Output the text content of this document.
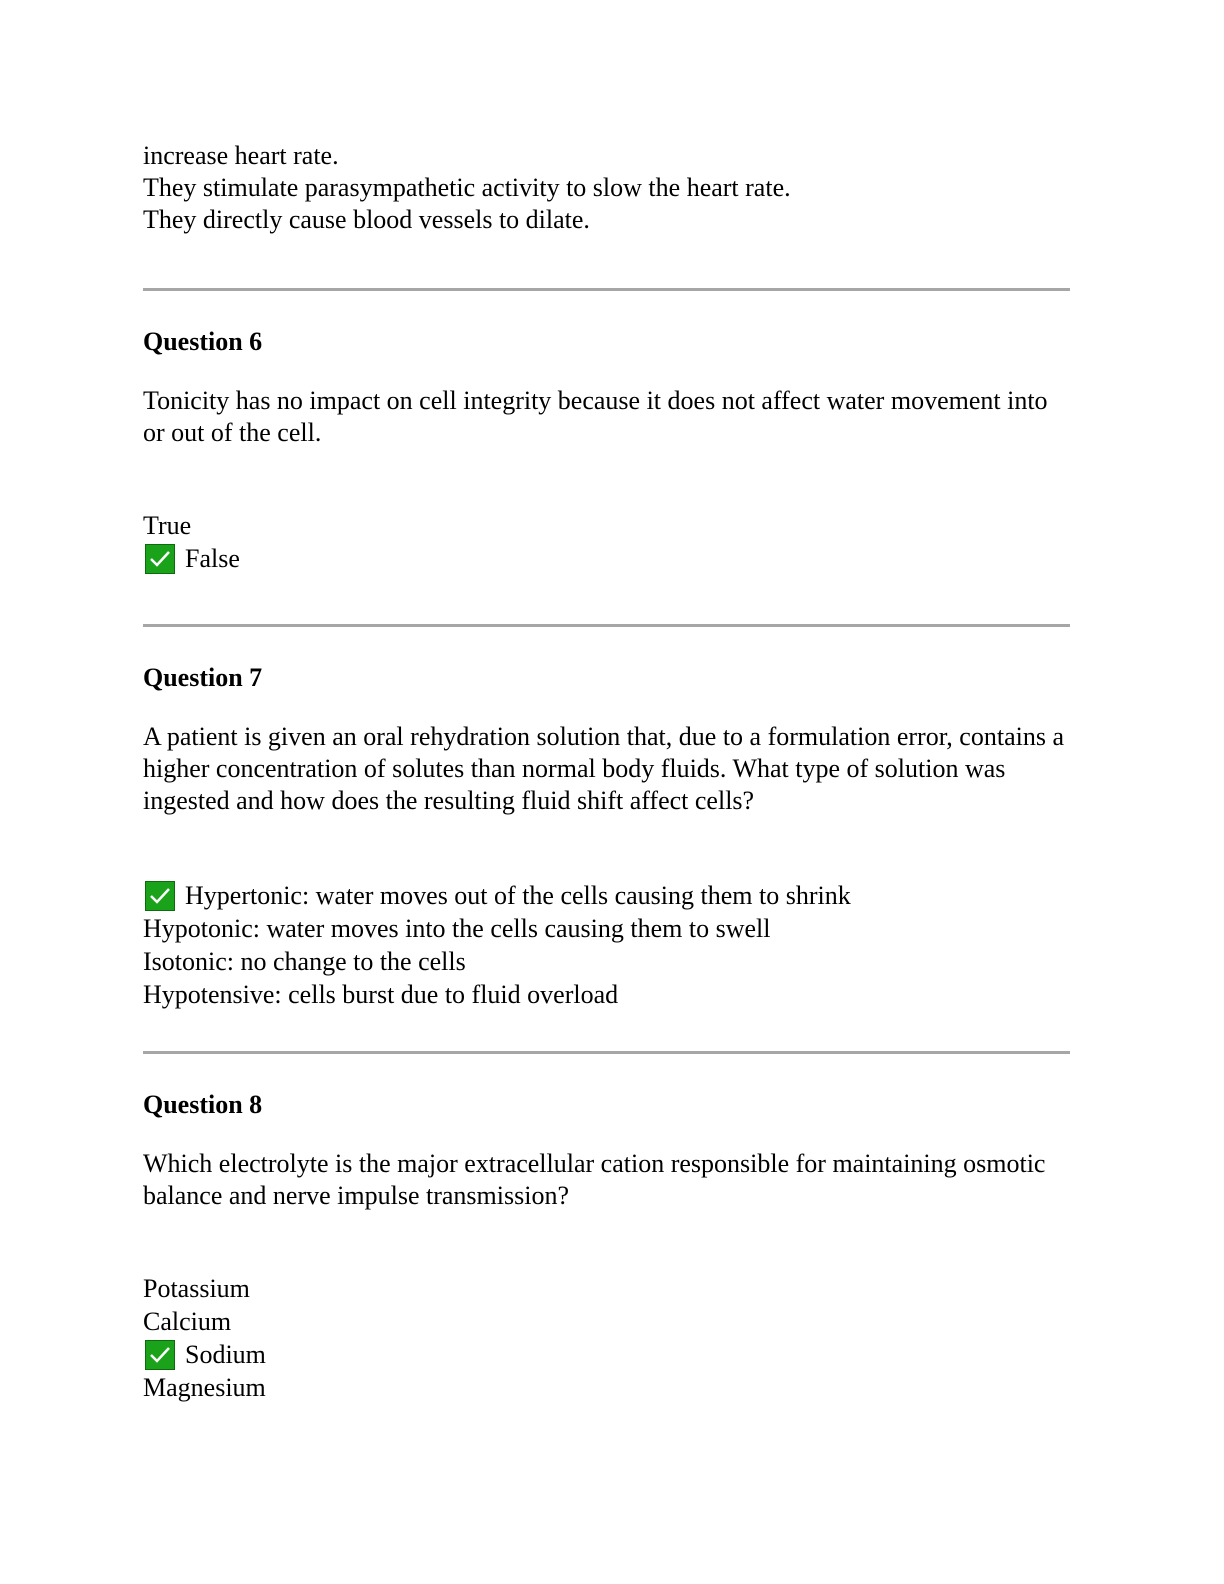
increase heart rate.
They stimulate parasympathetic activity to slow the heart rate.
They directly cause blood vessels to dilate.
Question 6
Tonicity has no impact on cell integrity because it does not affect water movement into or out of the cell.
True
False
Question 7
A patient is given an oral rehydration solution that, due to a formulation error, contains a higher concentration of solutes than normal body fluids. What type of solution was ingested and how does the resulting fluid shift affect cells?
Hypertonic: water moves out of the cells causing them to shrink
Hypotonic: water moves into the cells causing them to swell
Isotonic: no change to the cells
Hypotensive: cells burst due to fluid overload
Question 8
Which electrolyte is the major extracellular cation responsible for maintaining osmotic balance and nerve impulse transmission?
Potassium
Calcium
Sodium
Magnesium
